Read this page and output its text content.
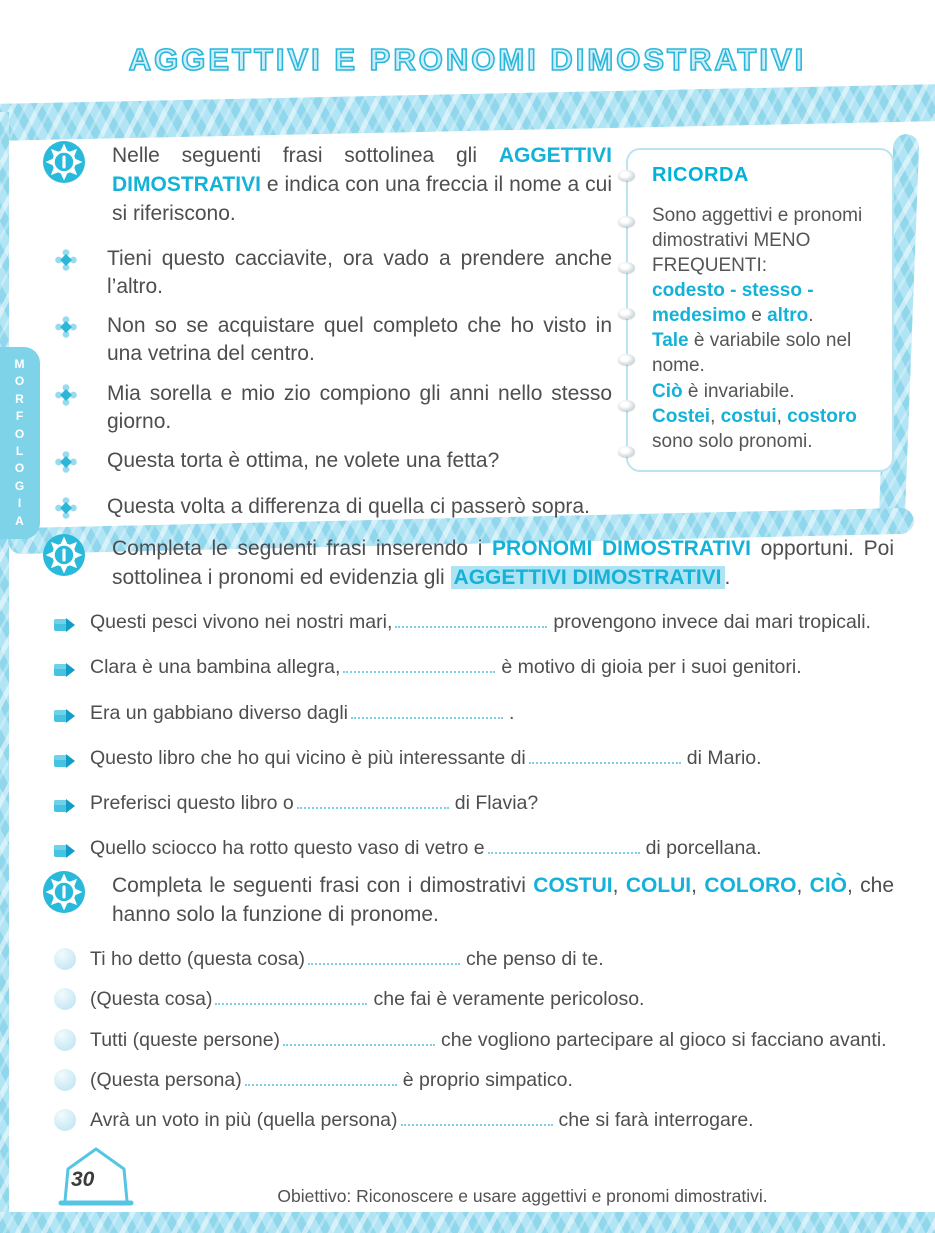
AGGETTIVI E PRONOMI DIMOSTRATIVI
MORFOLOGIA

Nelle seguenti frasi sottolinea gli AGGETTIVI DIMOSTRATIVI e indica con una freccia il nome a cui si riferiscono.

Tieni questo cacciavite, ora vado a prendere anche l’altro.

Non so se acquistare quel completo che ho visto in una vetrina del centro.

Mia sorella e mio zio compiono gli anni nello stesso giorno.

Questa torta è ottima, ne volete una fetta?

Questa volta a differenza di quella ci passerò sopra.

RICORDA

Sono aggettivi e pronomi dimostrativi MENO FREQUENTI:

codesto - stesso - medesimo e altro.

Tale è variabile solo nel nome.

Ciò è invariabile.

Costei, costui, costoro sono solo pronomi.

Completa le seguenti frasi inserendo i PRONOMI DIMOSTRATIVI opportuni. Poi sottolinea i pronomi ed evidenzia gli AGGETTIVI DIMOSTRATIVI .

Questi pesci vivono nei nostri mari,	provengono invece dai mari tropicali.

Clara è una bambina allegra,	è motivo di gioia per i suoi genitori.

Era un gabbiano diverso dagli	.

Questo libro che ho qui vicino è più interessante di	di Mario.

Preferisci questo libro o	di Flavia?

Quello sciocco ha rotto questo vaso di vetro e	di porcellana.

Completa le seguenti frasi con i dimostrativi COSTUI, COLUI, COLORO, CIÒ, che hanno solo la funzione di pronome.

Ti ho detto (questa cosa)	che penso di te.

(Questa cosa)	che fai è veramente pericoloso.

Tutti (queste persone)	che vogliono partecipare al gioco si facciano avanti.

(Questa persona)	è proprio simpatico.

Avrà un voto in più (quella persona)	che si farà interrogare.

30

Obiettivo: Riconoscere e usare aggettivi e pronomi dimostrativi.
